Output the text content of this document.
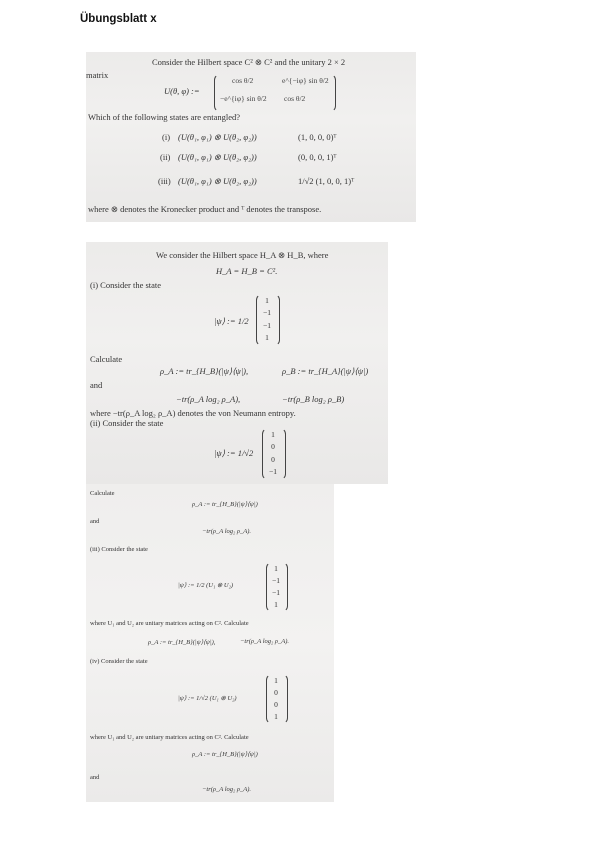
Übungsblatt x
Consider the Hilbert space C² ⊗ C² and the unitary 2 × 2
matrix
U(θ, φ) :=
cos θ/2	e^{−iφ} sin θ/2
−e^{iφ} sin θ/2 cos θ/2
Which of the following states are entangled?
(i) (U(θ₁, φ₁) ⊗ U(θ₂, φ₂))	(1, 0, 0, 0)ᵀ
(ii) (U(θ₁, φ₁) ⊗ U(θ₂, φ₂))	(0, 0, 0, 1)ᵀ
(iii) (U(θ₁, φ₁) ⊗ U(θ₂, φ₂))	1/√2 (1, 0, 0, 1)ᵀ
where ⊗ denotes the Kronecker product and ᵀ denotes the transpose.
We consider the Hilbert space H_A ⊗ H_B, where
H_A = H_B = C².
(i) Consider the state
|ψ⟩ := 1/2
1
−1
−1
1
Calculate
ρ_A := tr_{H_B}(|ψ⟩⟨ψ|),	ρ_B := tr_{H_A}(|ψ⟩⟨ψ|)
and
−tr(ρ_A log₂ ρ_A),	−tr(ρ_B log₂ ρ_B)
where −tr(ρ_A log₂ ρ_A) denotes the von Neumann entropy.
(ii) Consider the state
|ψ⟩ := 1/√2
1
0
0
−1
Calculate
ρ_A := tr_{H_B}(|ψ⟩⟨ψ|)
and
−tr(ρ_A log₂ ρ_A).
(iii) Consider the state
|ψ⟩ := 1/2 (U₁ ⊗ U₂)
1
−1
−1
1
where U₁ and U₂ are unitary matrices acting on C². Calculate
ρ_A := tr_{H_B}(|ψ⟩⟨ψ|),	−tr(ρ_A log₂ ρ_A).
(iv) Consider the state
|ψ⟩ := 1/√2 (U₁ ⊗ U₂)
1
0
0
1
where U₁ and U₂ are unitary matrices acting on C². Calculate
ρ_A := tr_{H_B}(|ψ⟩⟨ψ|)
and
−tr(ρ_A log₂ ρ_A).
